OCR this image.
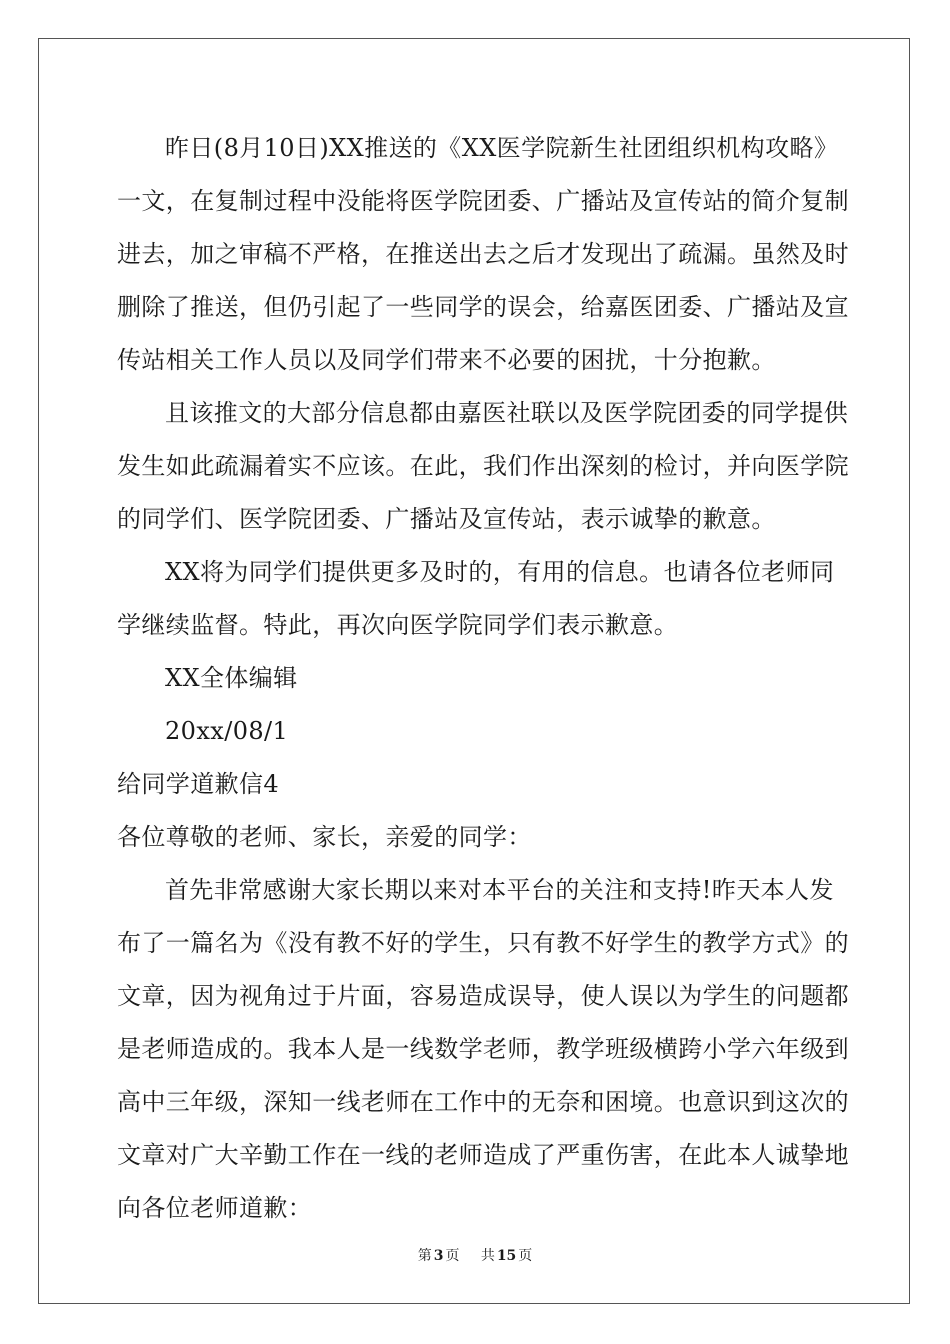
昨日(8月10日)XX推送的《XX医学院新生社团组织机构攻略》
一文，在复制过程中没能将医学院团委、广播站及宣传站的简介复制
进去，加之审稿不严格，在推送出去之后才发现出了疏漏。虽然及时
删除了推送，但仍引起了一些同学的误会，给嘉医团委、广播站及宣
传站相关工作人员以及同学们带来不必要的困扰，十分抱歉。
且该推文的大部分信息都由嘉医社联以及医学院团委的同学提供
发生如此疏漏着实不应该。在此，我们作出深刻的检讨，并向医学院
的同学们、医学院团委、广播站及宣传站，表示诚挚的歉意。
XX将为同学们提供更多及时的，有用的信息。也请各位老师同
学继续监督。特此，再次向医学院同学们表示歉意。
XX全体编辑
20xx/08/1
给同学道歉信4
各位尊敬的老师、家长，亲爱的同学：
首先非常感谢大家长期以来对本平台的关注和支持!昨天本人发
布了一篇名为《没有教不好的学生，只有教不好学生的教学方式》的
文章，因为视角过于片面，容易造成误导，使人误以为学生的问题都
是老师造成的。我本人是一线数学老师，教学班级横跨小学六年级到
高中三年级，深知一线老师在工作中的无奈和困境。也意识到这次的
文章对广大辛勤工作在一线的老师造成了严重伤害，在此本人诚挚地
向各位老师道歉：
第 3 页 共 15 页
